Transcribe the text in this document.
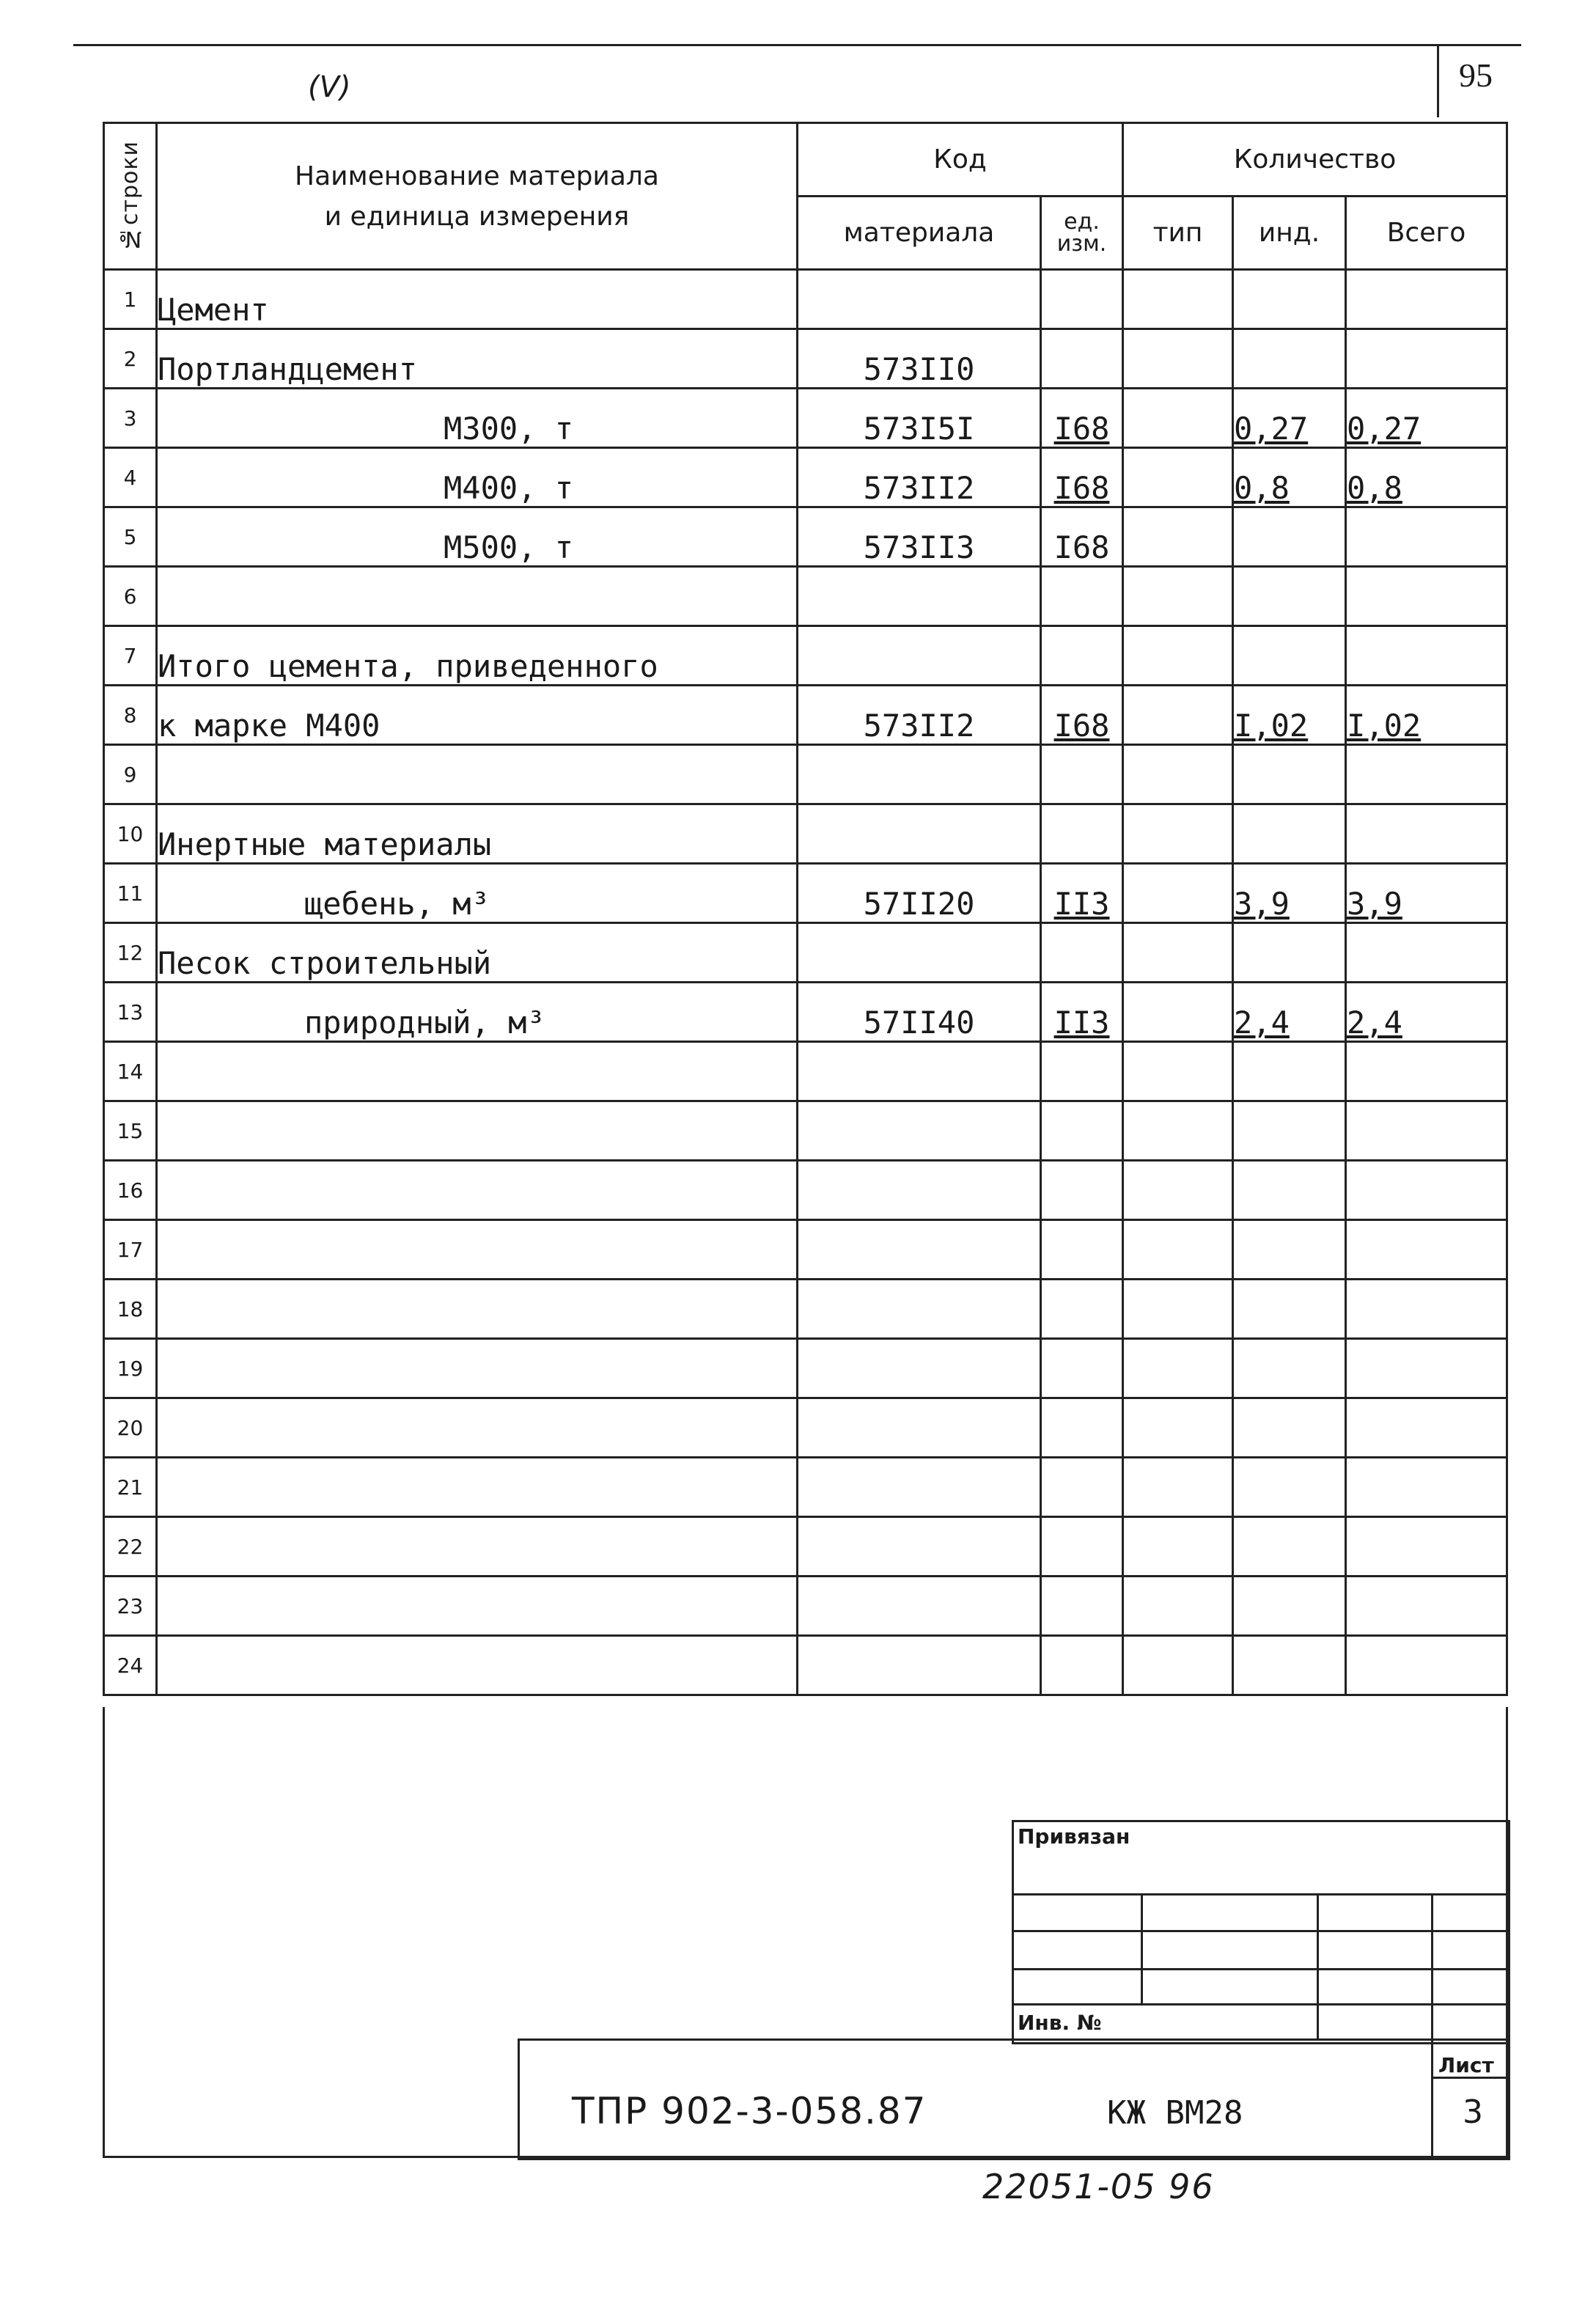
95
(V)
№строки	Наименование материала
и единица измерения	Код		Количество		
		материала	ед. изм.	тип	инд.	Всего
1	Цемент					
2	Портландцемент	573II0				
3	М300, т	573I5I	I68		0,27	0,27
4	М400, т	573II2	I68		0,8	0,8
5	М500, т	573II3	I68			
6						
7	Итого цемента, приведенного					
8	к марке М400	573II2	I68		I,02	I,02
9						
10	Инертные материалы					
11	щебень, м³	57II20	II3		3,9	3,9
12	Песок строительный					
13	природный, м³	57II40	II3		2,4	2,4
14						
15						
16						
17						
18						
19						
20						
21						
22						
23						
24						
Привязан
Инв. №
ТПР 902-3-058.87	КЖ ВМ28
Лист
3
22051-05 96
